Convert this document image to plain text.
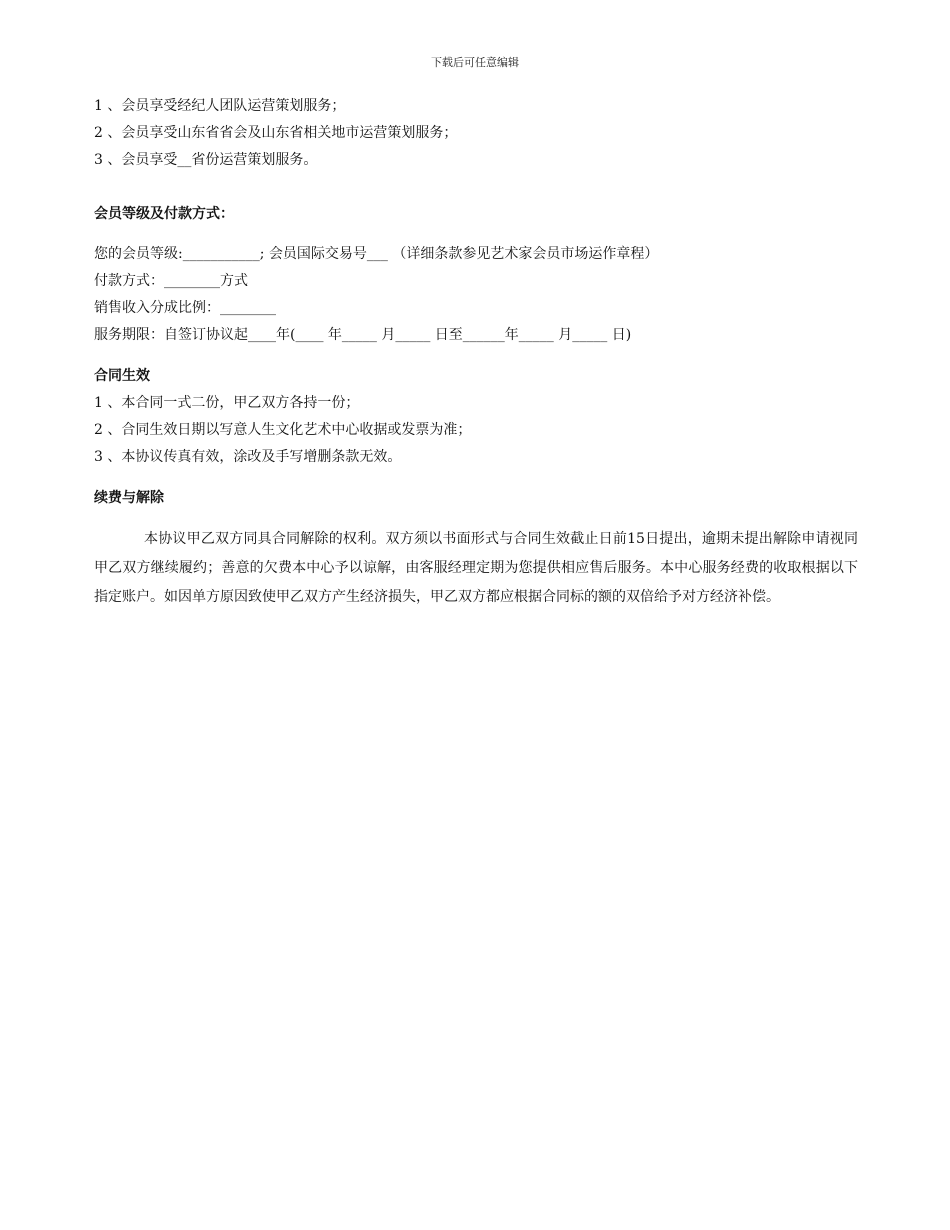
下载后可任意编辑
1 、会员享受经纪人团队运营策划服务；
2 、会员享受山东省省会及山东省相关地市运营策划服务；
3 、会员享受__省份运营策划服务。
会员等级及付款方式：
您的会员等级:___________; 会员国际交易号___ （详细条款参见艺术家会员市场运作章程）
付款方式：________方式
销售收入分成比例：________
服务期限：自签订协议起____年(____ 年_____ 月_____ 日至______年_____ 月_____ 日)
合同生效
1 、本合同一式二份，甲乙双方各持一份；
2 、合同生效日期以写意人生文化艺术中心收据或发票为准；
3 、本协议传真有效，涂改及手写增删条款无效。
续费与解除
本协议甲乙双方同具合同解除的权利。双方须以书面形式与合同生效截止日前15日提出，逾期未提出解除申请视同甲乙双方继续履约；善意的欠费本中心予以谅解，由客服经理定期为您提供相应售后服务。本中心服务经费的收取根据以下指定账户。如因单方原因致使甲乙双方产生经济损失，甲乙双方都应根据合同标的额的双倍给予对方经济补偿。
